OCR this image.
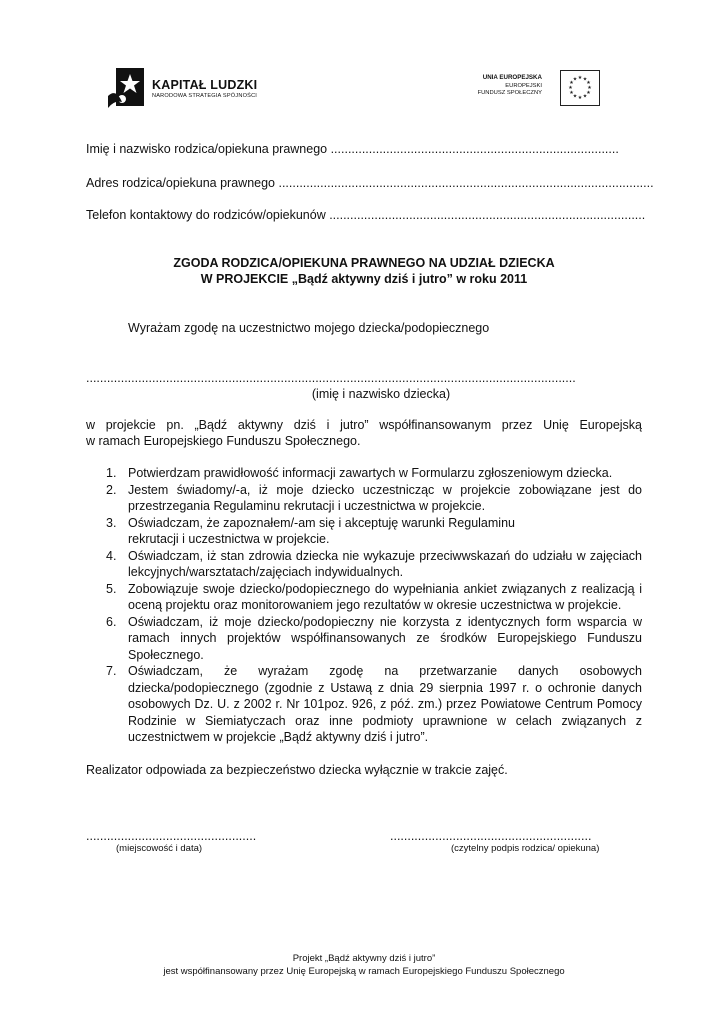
KAPITAŁ LUDZKI
NARODOWA STRATEGIA SPÓJNOŚCI
UNIA EUROPEJSKA
EUROPEJSKI
FUNDUSZ SPOŁECZNY
★ ★
★
★
★
★
★
★
★
★
★
★
Imię i nazwisko rodzica/opiekuna prawnego ...................................................................................
Adres rodzica/opiekuna prawnego ............................................................................................................
Telefon kontaktowy do rodziców/opiekunów ...........................................................................................
ZGODA RODZICA/OPIEKUNA PRAWNEGO NA UDZIAŁ DZIECKA
W PROJEKCIE „Bądź aktywny dziś i jutro” w roku 2011
Wyrażam zgodę na uczestnictwo mojego dziecka/podopiecznego
.............................................................................................................................................
(imię i nazwisko dziecka)
w projekcie pn. „Bądź aktywny dziś i jutro” współfinansowanym przez Unię Europejską
w ramach Europejskiego Funduszu Społecznego.
1. Potwierdzam prawidłowość informacji zawartych w Formularzu zgłoszeniowym dziecka.
2. Jestem świadomy/-a, iż moje dziecko uczestnicząc w projekcie zobowiązane jest do przestrzegania Regulaminu rekrutacji i uczestnictwa w projekcie.
3. Oświadczam, że zapoznałem/-am się i akceptuję warunki Regulaminu rekrutacji i uczestnictwa w projekcie.
4. Oświadczam, iż stan zdrowia dziecka nie wykazuje przeciwwskazań do udziału w zajęciach lekcyjnych/warsztatach/zajęciach indywidualnych.
5. Zobowiązuje swoje dziecko/podopiecznego do wypełniania ankiet związanych z realizacją i oceną projektu oraz monitorowaniem jego rezultatów w okresie uczestnictwa w projekcie.
6. Oświadczam, iż moje dziecko/podopieczny nie korzysta z identycznych form wsparcia w ramach innych projektów współfinansowanych ze środków Europejskiego Funduszu Społecznego.
7. Oświadczam, że wyrażam zgodę na przetwarzanie danych osobowych dziecka/podopiecznego (zgodnie z Ustawą z dnia 29 sierpnia 1997 r. o ochronie danych osobowych Dz. U. z 2002 r. Nr 101poz. 926, z póź. zm.) przez Powiatowe Centrum Pomocy Rodzinie w Siemiatyczach oraz inne podmioty uprawnione w celach związanych z uczestnictwem w projekcie „Bądź aktywny dziś i jutro”.
Realizator odpowiada za bezpieczeństwo dziecka wyłącznie w trakcie zajęć.
.................................................
(miejscowość i data)
..........................................................
(czytelny podpis rodzica/ opiekuna)
Projekt „Bądź aktywny dziś i jutro”
jest współfinansowany przez Unię Europejską w ramach Europejskiego Funduszu Społecznego
